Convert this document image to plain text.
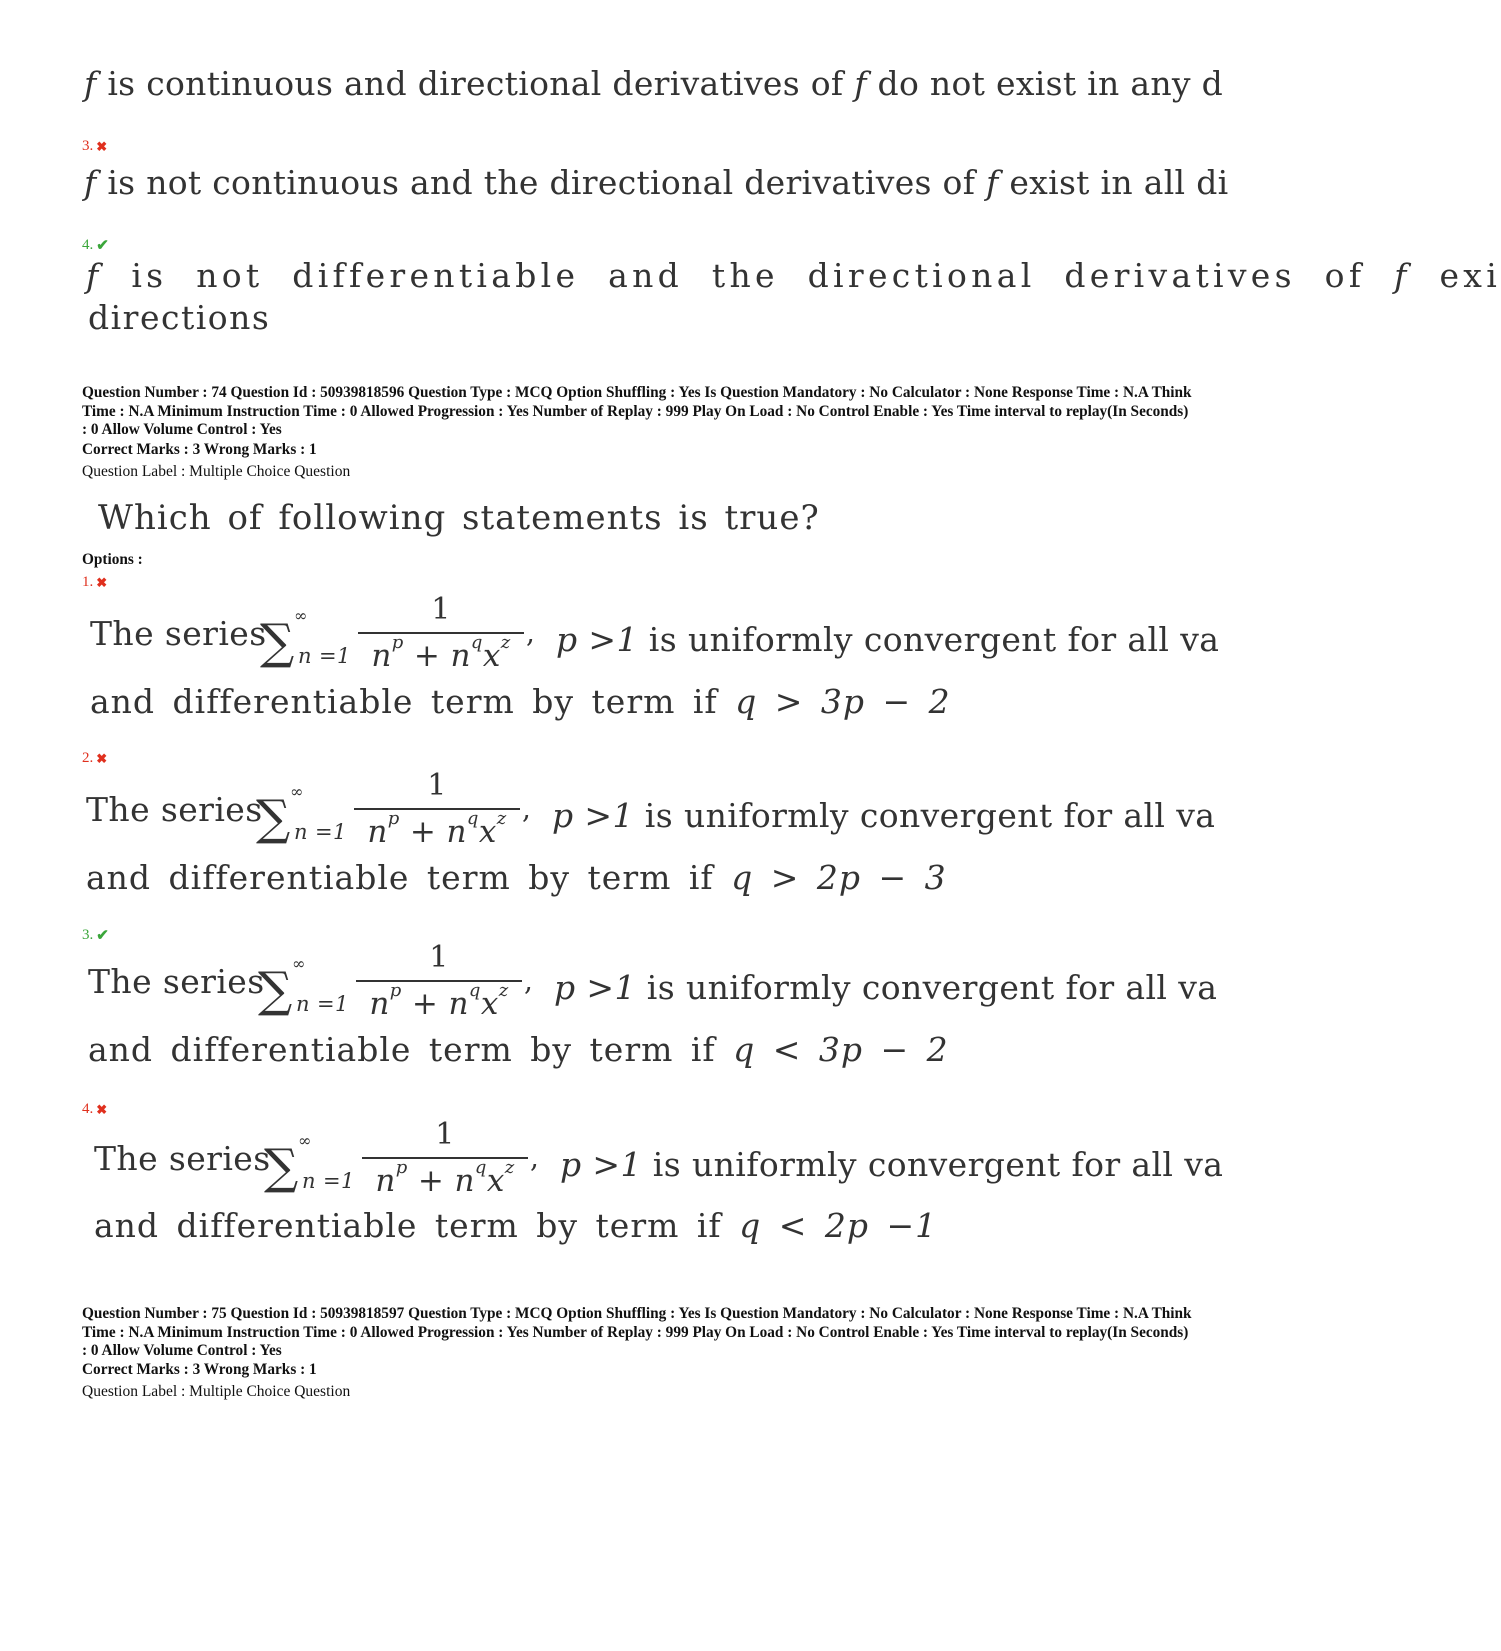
f is continuous and directional derivatives of f do not exist in any d
3. ✖
f is not continuous and the directional derivatives of f exist in all di
4. ✔
f is not differentiable and the directional derivatives of f exi
directions
Question Number : 74 Question Id : 50939818596 Question Type : MCQ Option Shuffling : Yes Is Question Mandatory : No Calculator : None Response Time : N.A Think Time : N.A Minimum Instruction Time : 0 Allowed Progression : Yes Number of Replay : 999 Play On Load : No Control Enable : Yes Time interval to replay(In Seconds) : 0 Allow Volume Control : Yes
Correct Marks : 3 Wrong Marks : 1
Question Label : Multiple Choice Question
Which of following statements is true?
Options :
1. ✖
The series
∑ ∞
n =1
1
$n^p + n^qx^z$ , p >1 is uniformly convergent for all va
and differentiable term by term if q > 3p − 2
2. ✖
The series
∑ ∞
n =1
1
$n^p + n^qx^z$ , p >1 is uniformly convergent for all va
and differentiable term by term if q > 2p − 3
3. ✔
The series
∑ ∞
n =1
1
$n^p + n^qx^z$ , p >1 is uniformly convergent for all va
and differentiable term by term if q < 3p − 2
4. ✖
The series
∑ ∞
n =1
1
$n^p + n^qx^z$ , p >1 is uniformly convergent for all va
and differentiable term by term if q < 2p −1
Question Number : 75 Question Id : 50939818597 Question Type : MCQ Option Shuffling : Yes Is Question Mandatory : No Calculator : None Response Time : N.A Think Time : N.A Minimum Instruction Time : 0 Allowed Progression : Yes Number of Replay : 999 Play On Load : No Control Enable : Yes Time interval to replay(In Seconds) : 0 Allow Volume Control : Yes
Correct Marks : 3 Wrong Marks : 1
Question Label : Multiple Choice Question
